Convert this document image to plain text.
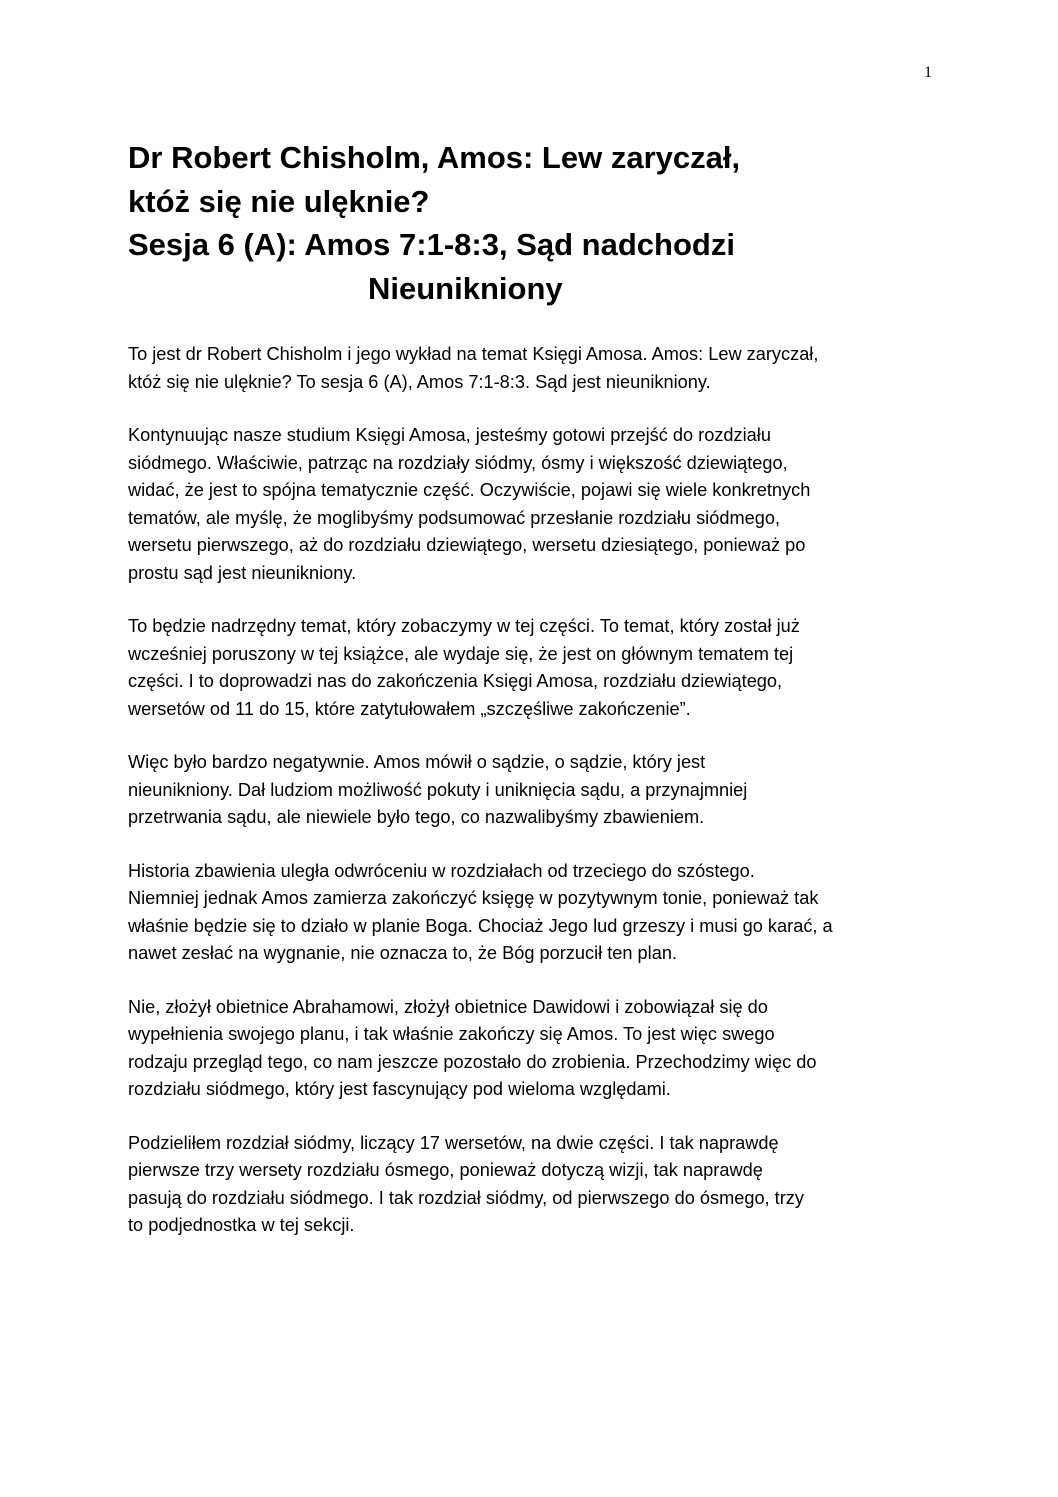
1
Dr Robert Chisholm, Amos: Lew zaryczał,
któż się nie ulęknie?
Sesja 6 (A): Amos 7:1-8:3, Sąd nadchodzi
Nieunikniony

To jest dr Robert Chisholm i jego wykład na temat Księgi Amosa. Amos: Lew zaryczał,
któż się nie ulęknie? To sesja 6 (A), Amos 7:1-8:3. Sąd jest nieunikniony.

Kontynuując nasze studium Księgi Amosa, jesteśmy gotowi przejść do rozdziału
siódmego. Właściwie, patrząc na rozdziały siódmy, ósmy i większość dziewiątego,
widać, że jest to spójna tematycznie część. Oczywiście, pojawi się wiele konkretnych
tematów, ale myślę, że moglibyśmy podsumować przesłanie rozdziału siódmego,
wersetu pierwszego, aż do rozdziału dziewiątego, wersetu dziesiątego, ponieważ po
prostu sąd jest nieunikniony.

To będzie nadrzędny temat, który zobaczymy w tej części. To temat, który został już
wcześniej poruszony w tej książce, ale wydaje się, że jest on głównym tematem tej
części. I to doprowadzi nas do zakończenia Księgi Amosa, rozdziału dziewiątego,
wersetów od 11 do 15, które zatytułowałem „szczęśliwe zakończenie”.

Więc było bardzo negatywnie. Amos mówił o sądzie, o sądzie, który jest
nieunikniony. Dał ludziom możliwość pokuty i uniknięcia sądu, a przynajmniej
przetrwania sądu, ale niewiele było tego, co nazwalibyśmy zbawieniem.

Historia zbawienia uległa odwróceniu w rozdziałach od trzeciego do szóstego.
Niemniej jednak Amos zamierza zakończyć księgę w pozytywnym tonie, ponieważ tak
właśnie będzie się to działo w planie Boga. Chociaż Jego lud grzeszy i musi go karać, a
nawet zesłać na wygnanie, nie oznacza to, że Bóg porzucił ten plan.

Nie, złożył obietnice Abrahamowi, złożył obietnice Dawidowi i zobowiązał się do
wypełnienia swojego planu, i tak właśnie zakończy się Amos. To jest więc swego
rodzaju przegląd tego, co nam jeszcze pozostało do zrobienia. Przechodzimy więc do
rozdziału siódmego, który jest fascynujący pod wieloma względami.

Podzieliłem rozdział siódmy, liczący 17 wersetów, na dwie części. I tak naprawdę
pierwsze trzy wersety rozdziału ósmego, ponieważ dotyczą wizji, tak naprawdę
pasują do rozdziału siódmego. I tak rozdział siódmy, od pierwszego do ósmego, trzy
to podjednostka w tej sekcji.
